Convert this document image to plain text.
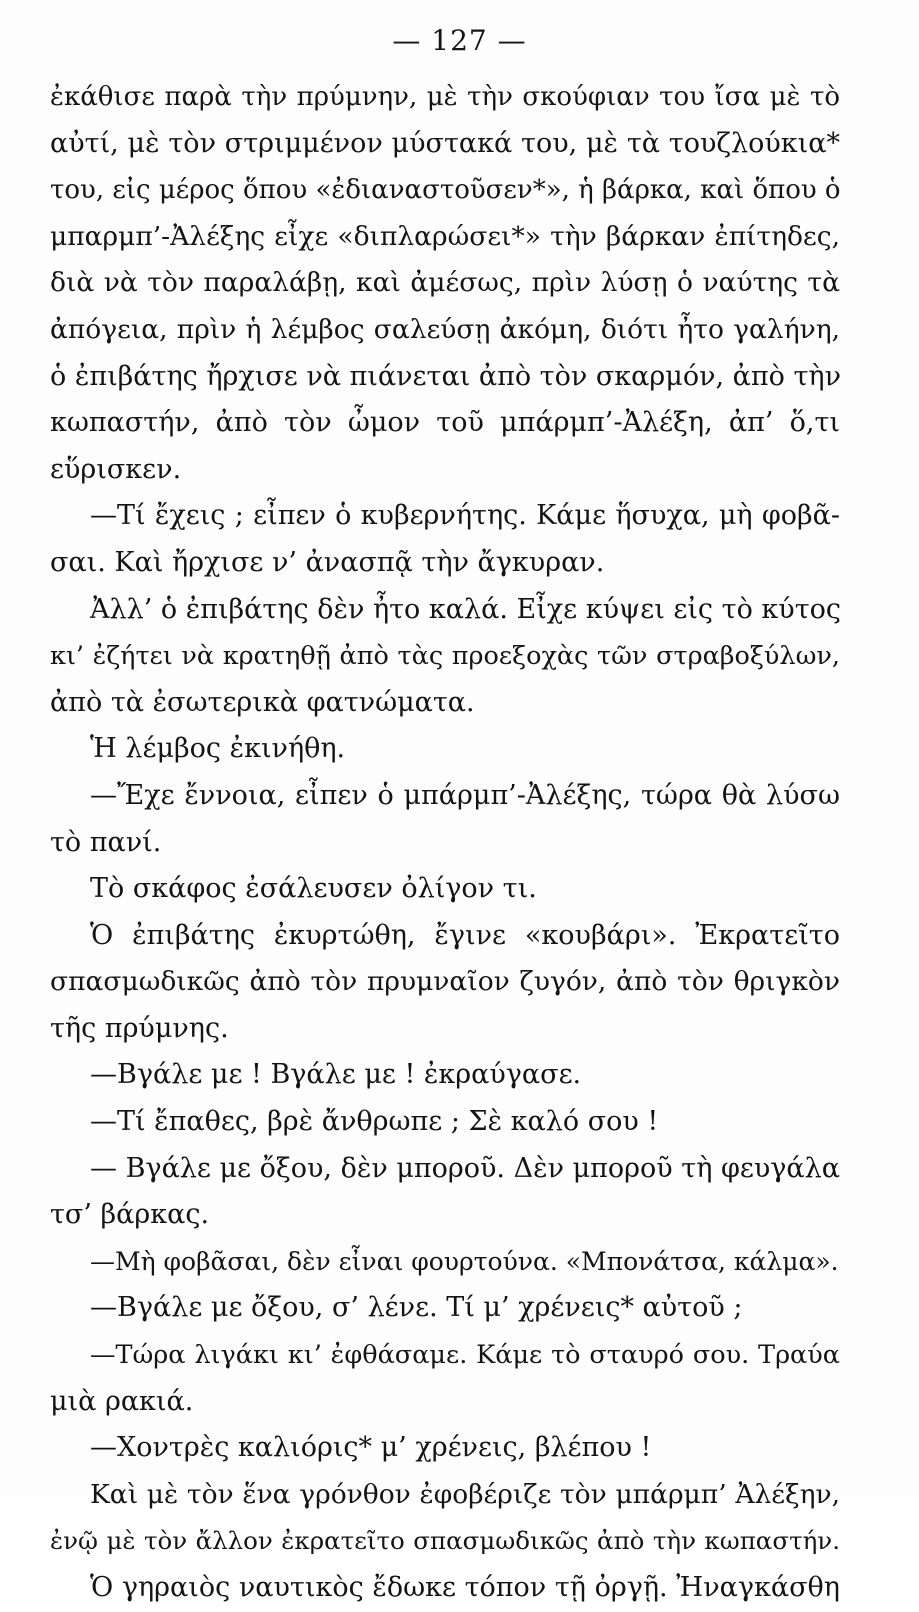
— 127 —
ἐκάθισε παρὰ τὴν πρύμνην, μὲ τὴν σκούφιαν του ἴσα μὲ τὸ
αὐτί, μὲ τὸν στριμμένον μύστακά του, μὲ τὰ τουζλούκια*
του, εἰς μέρος ὅπου «ἐδιαναστοῦσεν*», ἡ βάρκα, καὶ ὅπου ὁ
μπαρμπ’-Ἀλέξης εἶχε «διπλαρώσει*» τὴν βάρκαν ἐπίτηδες,
διὰ νὰ τὸν παραλάβῃ, καὶ ἀμέσως, πρὶν λύσῃ ὁ ναύτης τὰ
ἀπόγεια, πρὶν ἡ λέμβος σαλεύσῃ ἀκόμη, διότι ἦτο γαλήνη,
ὁ ἐπιβάτης ἤρχισε νὰ πιάνεται ἀπὸ τὸν σκαρμόν, ἀπὸ τὴν
κωπαστήν, ἀπὸ τὸν ὦμον τοῦ μπάρμπ’-Ἀλέξη, ἀπ’ ὅ,τι
εὕρισκεν.
—Τί ἔχεις ; εἶπεν ὁ κυβερνήτης. Κάμε ἥσυχα, μὴ φοβᾶ-
σαι. Καὶ ἤρχισε ν’ ἀνασπᾷ τὴν ἄγκυραν.
Ἀλλ’ ὁ ἐπιβάτης δὲν ἦτο καλά. Εἶχε κύψει εἰς τὸ κύτος
κι’ ἐζήτει νὰ κρατηθῇ ἀπὸ τὰς προεξοχὰς τῶν στραβοξύλων,
ἀπὸ τὰ ἐσωτερικὰ φατνώματα.
Ἡ λέμβος ἐκινήθη.
—Ἔχε ἔννοια, εἶπεν ὁ μπάρμπ’-Ἀλέξης, τώρα θὰ λύσω
τὸ πανί.
Τὸ σκάφος ἐσάλευσεν ὀλίγον τι.
Ὁ ἐπιβάτης ἐκυρτώθη, ἔγινε «κουβάρι». Ἐκρατεῖτο
σπασμωδικῶς ἀπὸ τὸν πρυμναῖον ζυγόν, ἀπὸ τὸν θριγκὸν
τῆς πρύμνης.
—Βγάλε με ! Βγάλε με ! ἐκραύγασε.
—Τί ἔπαθες, βρὲ ἄνθρωπε ; Σὲ καλό σου !
— Βγάλε με ὄξου, δὲν μποροῦ. Δὲν μποροῦ τὴ φευγάλα
τσ’ βάρκας.
—Μὴ φοβᾶσαι, δὲν εἶναι φουρτούνα. «Μπονάτσα, κάλμα».
—Βγάλε με ὄξου, σ’ λένε. Τί μ’ χρένεις* αὐτοῦ ;
—Τώρα λιγάκι κι’ ἐφθάσαμε. Κάμε τὸ σταυρό σου. Τραύα
μιὰ ρακιά.
—Χοντρὲς καλιόρις* μ’ χρένεις, βλέπου !
Καὶ μὲ τὸν ἕνα γρόνθον ἐφοβέριζε τὸν μπάρμπ’ Ἀλέξην,
ἐνῷ μὲ τὸν ἄλλον ἐκρατεῖτο σπασμωδικῶς ἀπὸ τὴν κωπαστήν.
Ὁ γηραιὸς ναυτικὸς ἔδωκε τόπον τῇ ὀργῇ. Ἠναγκάσθη
